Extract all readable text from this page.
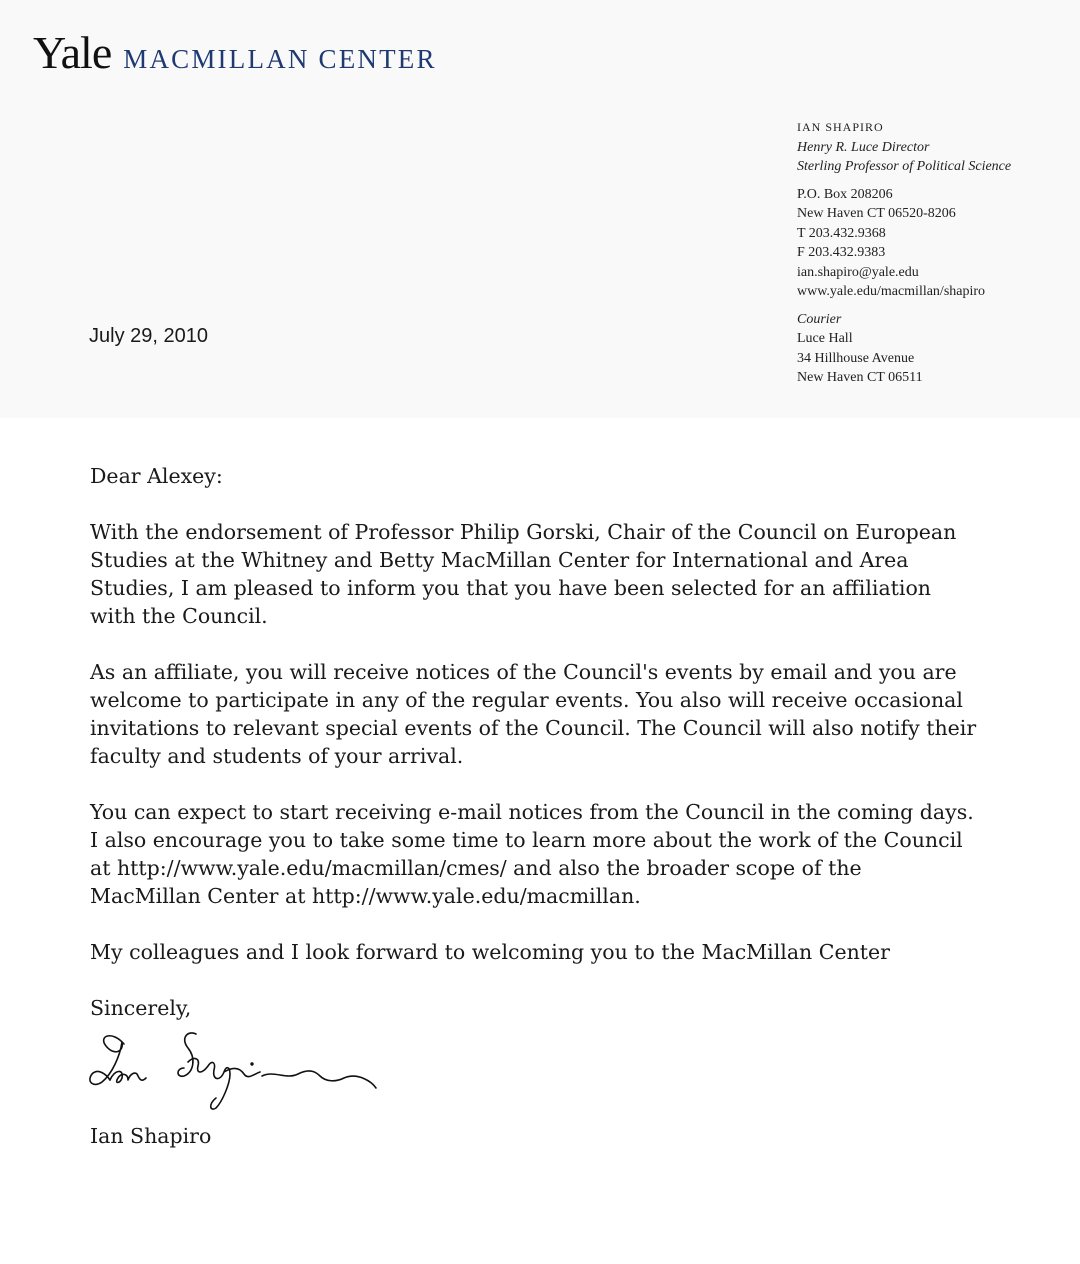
Yale MACMILLAN CENTER
IAN SHAPIRO
Henry R. Luce Director
Sterling Professor of Political Science
P.O. Box 208206
New Haven CT 06520-8206
T 203.432.9368
F 203.432.9383
ian.shapiro@yale.edu
www.yale.edu/macmillan/shapiro
Courier
Luce Hall
34 Hillhouse Avenue
New Haven CT 06511
July 29, 2010

Dear Alexey:

With the endorsement of Professor Philip Gorski, Chair of the Council on European
Studies at the Whitney and Betty MacMillan Center for International and Area
Studies, I am pleased to inform you that you have been selected for an affiliation
with the Council.

As an affiliate, you will receive notices of the Council's events by email and you are
welcome to participate in any of the regular events. You also will receive occasional
invitations to relevant special events of the Council. The Council will also notify their
faculty and students of your arrival.

You can expect to start receiving e-mail notices from the Council in the coming days.
I also encourage you to take some time to learn more about the work of the Council
at http://www.yale.edu/macmillan/cmes/ and also the broader scope of the
MacMillan Center at http://www.yale.edu/macmillan.

My colleagues and I look forward to welcoming you to the MacMillan Center

Sincerely,

Ian Shapiro
